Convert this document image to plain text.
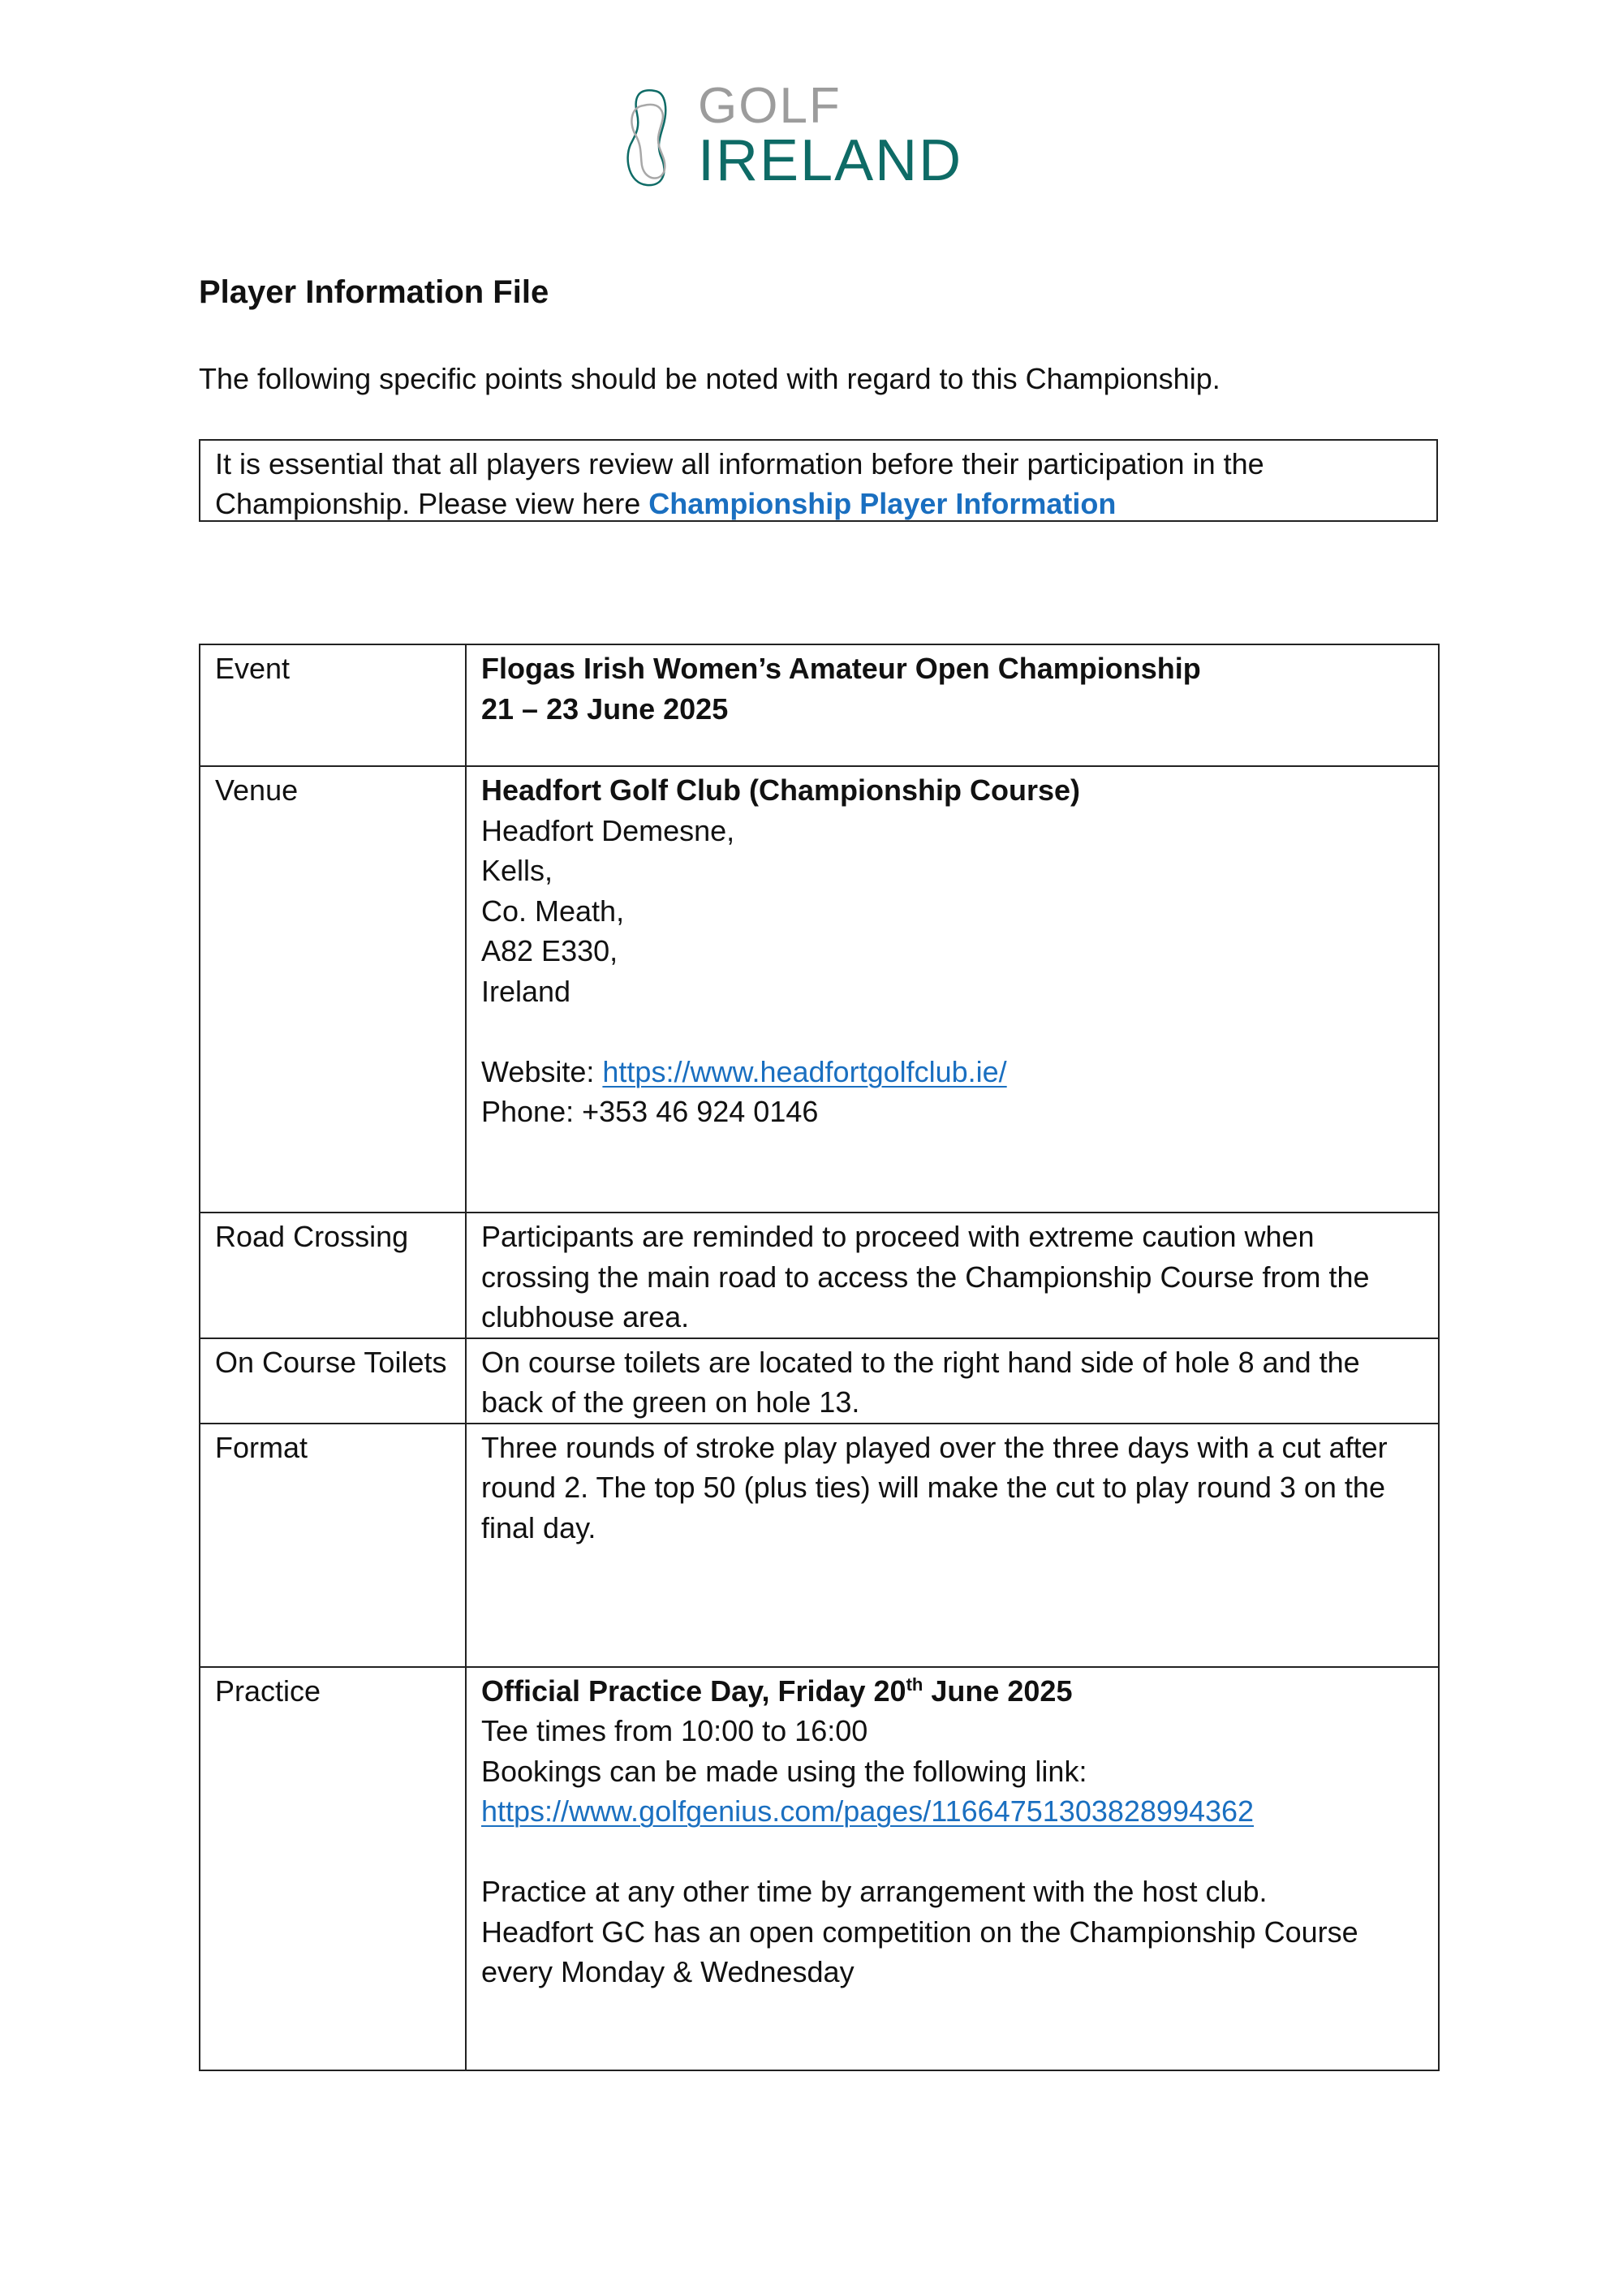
GOLF
IRELAND
Player Information File

The following specific points should be noted with regard to this Championship.

It is essential that all players review all information before their participation in the Championship. Please view here Championship Player Information
Event	Flogas Irish Women’s Amateur Open Championship
21 – 23 June 2025

Venue	Headfort Golf Club (Championship Course)
Headfort Demesne,
Kells,
Co. Meath,
A82 E330,
Ireland
Website: https://www.headfortgolfclub.ie/
Phone: +353 46 924 0146

Road Crossing	Participants are reminded to proceed with extreme caution when crossing the main road to access the Championship Course from the clubhouse area.
On Course Toilets	On course toilets are located to the right hand side of hole 8 and the back of the green on hole 13.
Format	Three rounds of stroke play played over the three days with a cut after round 2. The top 50 (plus ties) will make the cut to play round 3 on the final day.
Practice	Official Practice Day, Friday 20th June 2025
Tee times from 10:00 to 16:00
Bookings can be made using the following link:
https://www.golfgenius.com/pages/11664751303828994362
Practice at any other time by arrangement with the host club.
Headfort GC has an open competition on the Championship Course every Monday & Wednesday
